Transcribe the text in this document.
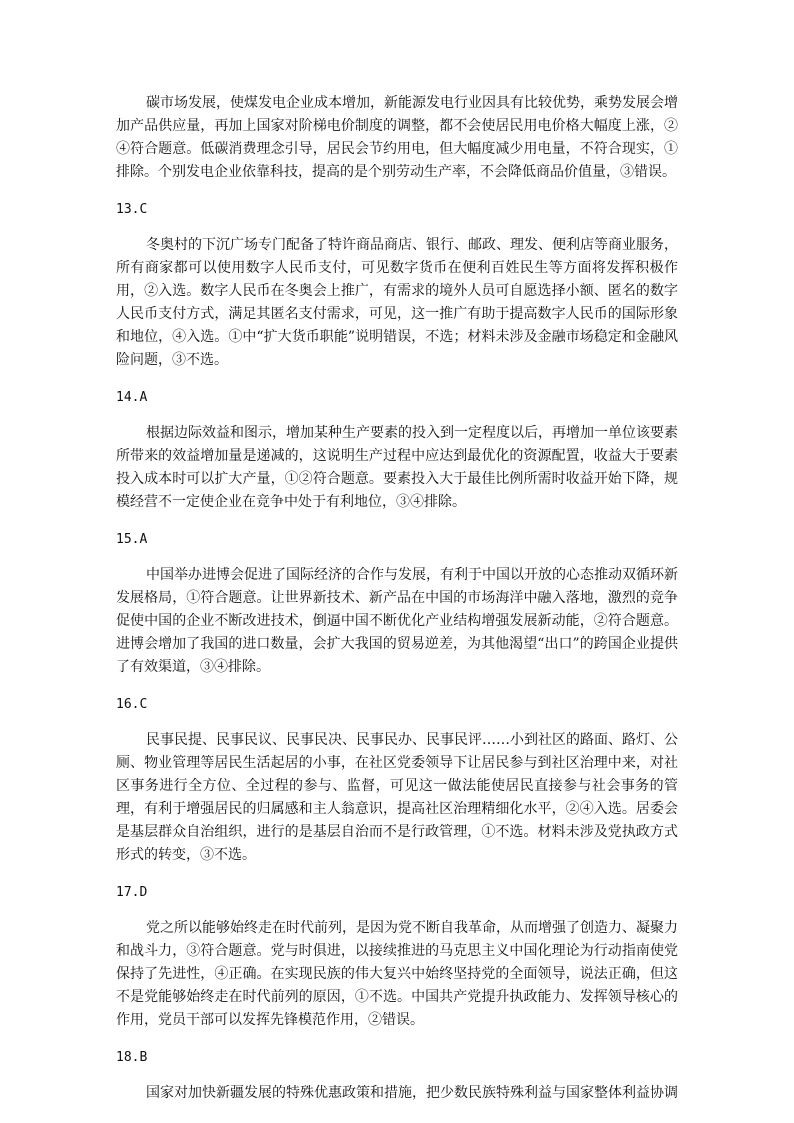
碳市场发展，使煤发电企业成本增加，新能源发电行业因具有比较优势，乘势发展会增加产品供应量，再加上国家对阶梯电价制度的调整，都不会使居民用电价格大幅度上涨，②④符合题意。低碳消费理念引导，居民会节约用电，但大幅度减少用电量，不符合现实，①排除。个别发电企业依靠科技，提高的是个别劳动生产率，不会降低商品价值量，③错误。

13.C

冬奥村的下沉广场专门配备了特许商品商店、银行、邮政、理发、便利店等商业服务，所有商家都可以使用数字人民币支付，可见数字货币在便利百姓民生等方面将发挥积极作用，②入选。数字人民币在冬奥会上推广，有需求的境外人员可自愿选择小额、匿名的数字人民币支付方式，满足其匿名支付需求，可见，这一推广有助于提高数字人民币的国际形象和地位，④入选。①中“扩大货币职能”说明错误，不选；材料未涉及金融市场稳定和金融风险问题，③不选。

14.A

根据边际效益和图示，增加某种生产要素的投入到一定程度以后，再增加一单位该要素所带来的效益增加量是递减的，这说明生产过程中应达到最优化的资源配置，收益大于要素投入成本时可以扩大产量，①②符合题意。要素投入大于最佳比例所需时收益开始下降，规模经营不一定使企业在竞争中处于有利地位，③④排除。

15.A

中国举办进博会促进了国际经济的合作与发展，有利于中国以开放的心态推动双循环新发展格局，①符合题意。让世界新技术、新产品在中国的市场海洋中融入落地，激烈的竞争促使中国的企业不断改进技术，倒逼中国不断优化产业结构增强发展新动能，②符合题意。进博会增加了我国的进口数量，会扩大我国的贸易逆差，为其他渴望“出口”的跨国企业提供了有效渠道，③④排除。

16.C

民事民提、民事民议、民事民决、民事民办、民事民评……小到社区的路面、路灯、公厕、物业管理等居民生活起居的小事，在社区党委领导下让居民参与到社区治理中来，对社区事务进行全方位、全过程的参与、监督，可见这一做法能使居民直接参与社会事务的管理，有利于增强居民的归属感和主人翁意识，提高社区治理精细化水平，②④入选。居委会是基层群众自治组织，进行的是基层自治而不是行政管理，①不选。材料未涉及党执政方式形式的转变，③不选。

17.D

党之所以能够始终走在时代前列，是因为党不断自我革命，从而增强了创造力、凝聚力和战斗力，③符合题意。党与时俱进，以接续推进的马克思主义中国化理论为行动指南使党保持了先进性，④正确。在实现民族的伟大复兴中始终坚持党的全面领导，说法正确，但这不是党能够始终走在时代前列的原因，①不选。中国共产党提升执政能力、发挥领导核心的作用，党员干部可以发挥先锋模范作用，②错误。

18.B

国家对加快新疆发展的特殊优惠政策和措施，把少数民族特殊利益与国家整体利益协调
